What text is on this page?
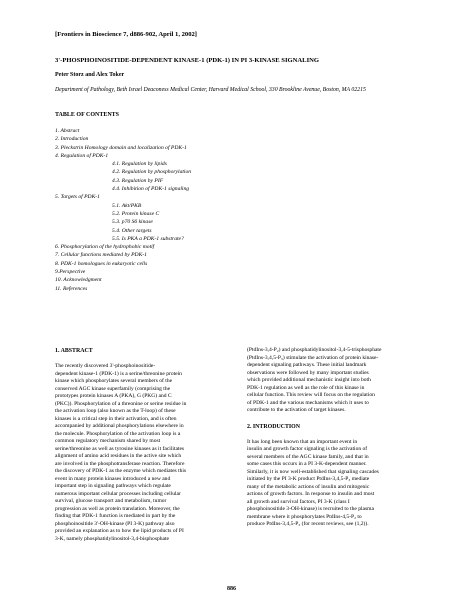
[Frontiers in Bioscience 7, d886-902, April 1, 2002]
3'-PHOSPHOINOSITIDE-DEPENDENT KINASE-1 (PDK-1) IN PI 3-KINASE SIGNALING
Peter Storz and Alex Toker
Department of Pathology, Beth Israel Deaconess Medical Center, Harvard Medical School, 330 Brookline Avenue, Boston, MA 02215
TABLE OF CONTENTS
1. Abstract
2. Introduction
3. Pleckstrin Homology domain and localization of PDK-1
4. Regulation of PDK-1
4.1. Regulation by lipids
4.2. Regulation by phosphorylation
4.3. Regulation by PIF
4.4. Inhibition of PDK-1 signaling
5. Targets of PDK-1
5.1. Akt/PKB
5.2. Protein kinase C
5.3. p70 S6 kinase
5.4. Other targets
5.5. Is PKA a PDK-1 substrate?
6. Phosphorylation of the hydrophobic motif
7. Cellular functions mediated by PDK-1
8. PDK-1 homologues in eukaryotic cells
9.Perspective
10. Acknowledgment
11. References
1. ABSTRACT
The recently discovered 3'-phosphoinositide-
dependent kinase-1 (PDK-1) is a serine/threonine protein
kinase which phosphorylates several members of the
conserved AGC kinase superfamily (comprising the
prototypes protein kinases A (PKA), G (PKG) and C
(PKC)). Phosphorylation of a threonine or serine residue in
the activation loop (also known as the T-loop) of these
kinases is a critical step in their activation, and is often
accompanied by additional phosphorylations elsewhere in
the molecule. Phosphorylation of the activation loop is a
common regulatory mechanism shared by most
serine/threonine as well as tyrosine kinases as it facilitates
alignment of amino acid residues in the active site which
are involved in the phosphotransferase reaction. Therefore
the discovery of PDK-1 as the enzyme which mediates this
event in many protein kinases introduced a new and
important step in signaling pathways which regulate
numerous important cellular processes including cellular
survival, glucose transport and metabolism, tumor
progression as well as protein translation. Moreover, the
finding that PDK-1 function is mediated in part by the
phosphoinositide 3'-OH-kinase (PI 3-K) pathway also
provided an explanation as to how the lipid products of PI
3-K, namely phosphatidylinositol-3,4-bisphosphate
(PtdIns-3,4-P₂) and phosphatidylinositol-3,4-5-trisphosphate
(PtdIns-3,4,5-P₃) stimulate the activation of protein kinase-
dependent signaling pathways. These initial landmark
observations were followed by many important studies
which provided additional mechanistic insight into both
PDK-1 regulation as well as the role of this kinase in
cellular function. This review will focus on the regulation
of PDK-1 and the various mechanisms which it uses to
contribute to the activation of target kinases.
2. INTRODUCTION
It has long been known that an important event in
insulin and growth factor signaling is the activation of
several members of the AGC kinase family, and that in
some cases this occurs in a PI 3-K-dependent manner.
Similarly, it is now well-established that signaling cascades
initiated by the PI 3-K product PtdIns-3,4,5-P₃ mediate
many of the metabolic actions of insulin and mitogenic
actions of growth factors. In response to insulin and most
all growth and survival factors, PI 3-K (class I
phosphoinositide 3-OH-kinase) is recruited to the plasma
membrane where it phosphorylates PtdIns-4,5-P₂ to
produce PtdIns-3,4,5-P₃ (for recent reviews, see (1,2)).
886
